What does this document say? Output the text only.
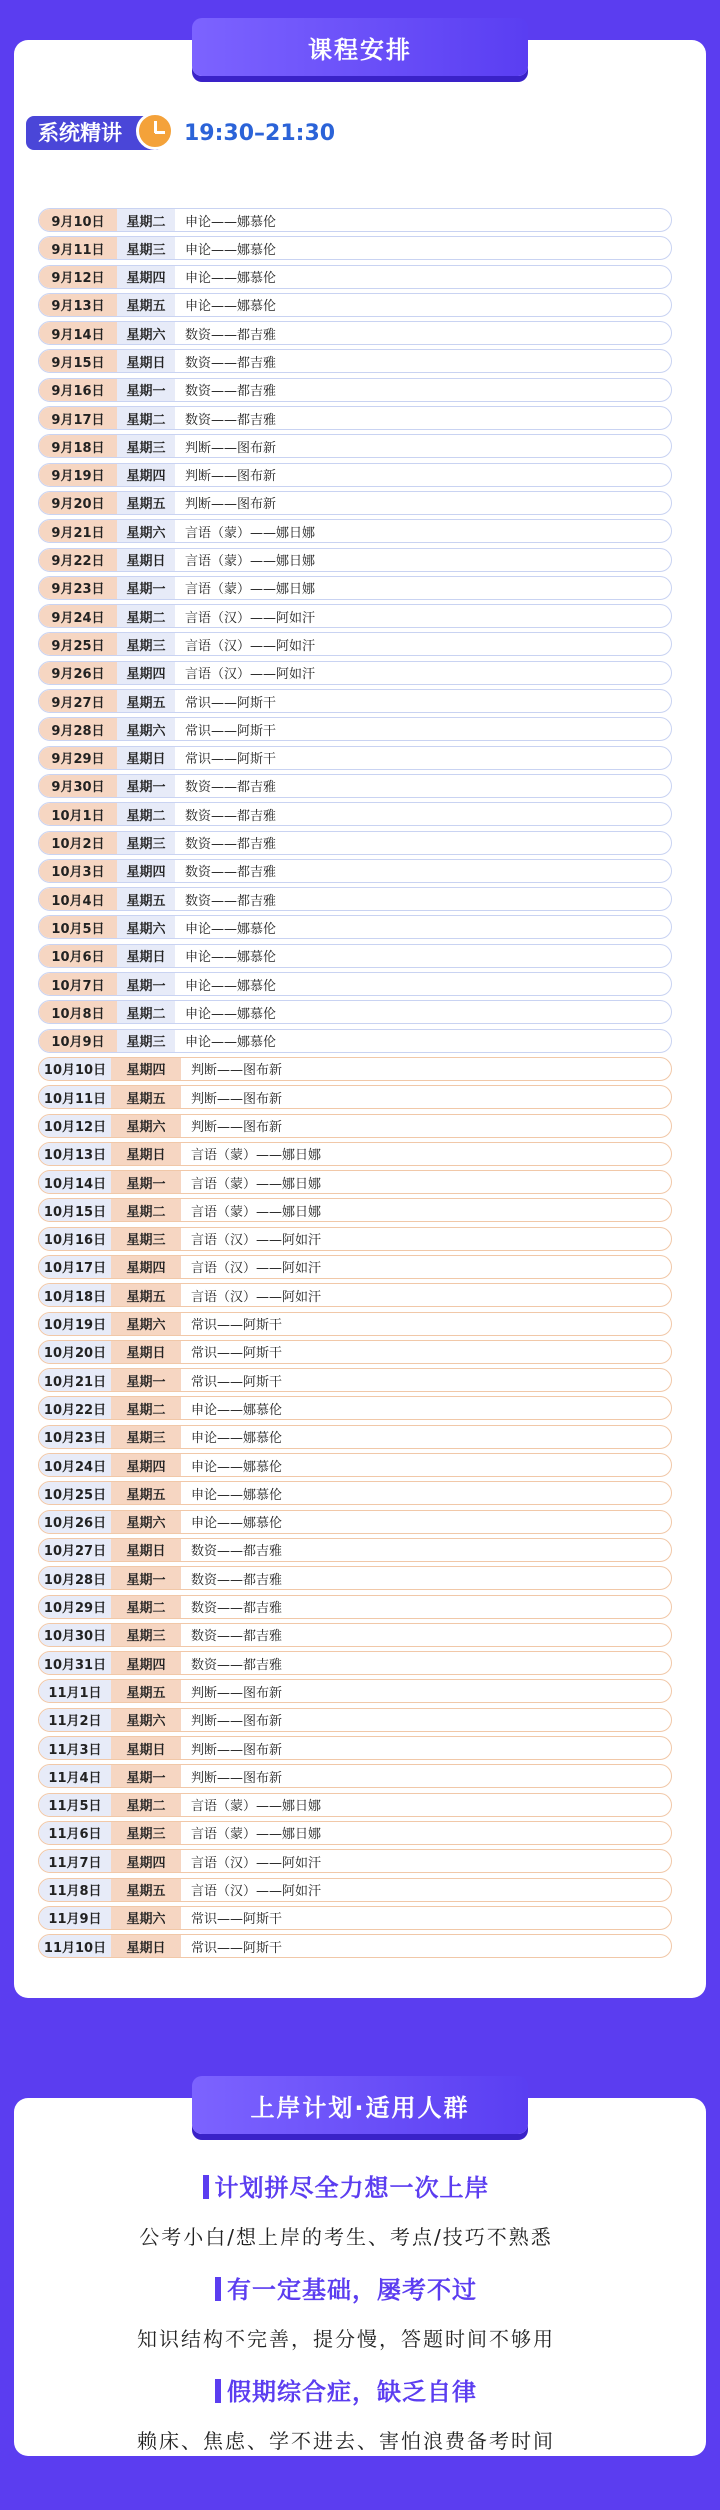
课程安排
系统精讲	19:30–21:30
9月10日	星期二	申论——娜慕伦
9月11日	星期三	申论——娜慕伦
9月12日	星期四	申论——娜慕伦
9月13日	星期五	申论——娜慕伦
9月14日	星期六	数资——都吉雅
9月15日	星期日	数资——都吉雅
9月16日	星期一	数资——都吉雅
9月17日	星期二	数资——都吉雅
9月18日	星期三	判断——图布新
9月19日	星期四	判断——图布新
9月20日	星期五	判断——图布新
9月21日	星期六	言语（蒙）——娜日娜
9月22日	星期日	言语（蒙）——娜日娜
9月23日	星期一	言语（蒙）——娜日娜
9月24日	星期二	言语（汉）——阿如汗
9月25日	星期三	言语（汉）——阿如汗
9月26日	星期四	言语（汉）——阿如汗
9月27日	星期五	常识——阿斯干
9月28日	星期六	常识——阿斯干
9月29日	星期日	常识——阿斯干
9月30日	星期一	数资——都吉雅
10月1日	星期二	数资——都吉雅
10月2日	星期三	数资——都吉雅
10月3日	星期四	数资——都吉雅
10月4日	星期五	数资——都吉雅
10月5日	星期六	申论——娜慕伦
10月6日	星期日	申论——娜慕伦
10月7日	星期一	申论——娜慕伦
10月8日	星期二	申论——娜慕伦
10月9日	星期三	申论——娜慕伦
10月10日	星期四	判断——图布新
10月11日	星期五	判断——图布新
10月12日	星期六	判断——图布新
10月13日	星期日	言语（蒙）——娜日娜
10月14日	星期一	言语（蒙）——娜日娜
10月15日	星期二	言语（蒙）——娜日娜
10月16日	星期三	言语（汉）——阿如汗
10月17日	星期四	言语（汉）——阿如汗
10月18日	星期五	言语（汉）——阿如汗
10月19日	星期六	常识——阿斯干
10月20日	星期日	常识——阿斯干
10月21日	星期一	常识——阿斯干
10月22日	星期二	申论——娜慕伦
10月23日	星期三	申论——娜慕伦
10月24日	星期四	申论——娜慕伦
10月25日	星期五	申论——娜慕伦
10月26日	星期六	申论——娜慕伦
10月27日	星期日	数资——都吉雅
10月28日	星期一	数资——都吉雅
10月29日	星期二	数资——都吉雅
10月30日	星期三	数资——都吉雅
10月31日	星期四	数资——都吉雅
11月1日	星期五	判断——图布新
11月2日	星期六	判断——图布新
11月3日	星期日	判断——图布新
11月4日	星期一	判断——图布新
11月5日	星期二	言语（蒙）——娜日娜
11月6日	星期三	言语（蒙）——娜日娜
11月7日	星期四	言语（汉）——阿如汗
11月8日	星期五	言语（汉）——阿如汗
11月9日	星期六	常识——阿斯干
11月10日	星期日	常识——阿斯干
上岸计划·适用人群
计划拼尽全力想一次上岸
公考小白/想上岸的考生、考点/技巧不熟悉
有一定基础，屡考不过
知识结构不完善，提分慢，答题时间不够用
假期综合症，缺乏自律
赖床、焦虑、学不进去、害怕浪费备考时间
